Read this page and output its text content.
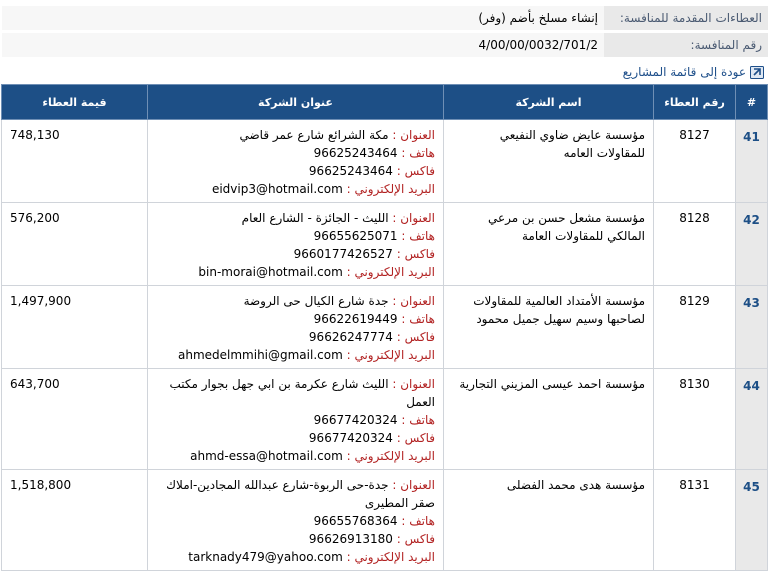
العطاءات المقدمة للمنافسة:	إنشاء مسلخ بأضم (وفر)
رقم المنافسة:	4/00/00/0032/701/2
عودة إلى قائمة المشاريع
#	رقم العطاء	اسم الشركة	عنوان الشركة	قيمة العطاء
41	8127	مؤسسة عايض ضاوي النفيعي للمقاولات العامه	العنوان : مكة الشرائع شارع عمر قاضي
هاتف : 96625243464
فاكس : 96625243464
البريد الإلكتروني : eidvip3@hotmail.com	748,130
42	8128	مؤسسة مشعل حسن بن مرعي المالكي للمقاولات العامة	العنوان : الليث - الجائزة - الشارع العام
هاتف : 96655625071
فاكس : 9660177426527
البريد الإلكتروني : bin-morai@hotmail.com	576,200
43	8129	مؤسسة الأمتداد العالمية للمقاولات لصاحبها وسيم سهيل جميل محمود	العنوان : جدة شارع الكيال حى الروضة
هاتف : 96622619449
فاكس : 96626247774
البريد الإلكتروني : ahmedelmmihi@gmail.com	1,497,900
44	8130	مؤسسة احمد عيسى المزيني التجارية	العنوان : الليث شارع عكرمة بن ابي جهل بجوار مكتب العمل
هاتف : 96677420324
فاكس : 96677420324
البريد الإلكتروني : ahmd-essa@hotmail.com	643,700
45	8131	مؤسسة هدى محمد الفضلى	العنوان : جدة-حى الربوة-شارع عبدالله المجادين-املاك صقر المطيرى
هاتف : 96655768364
فاكس : 96626913180
البريد الإلكتروني : tarknady479@yahoo.com	1,518,800
